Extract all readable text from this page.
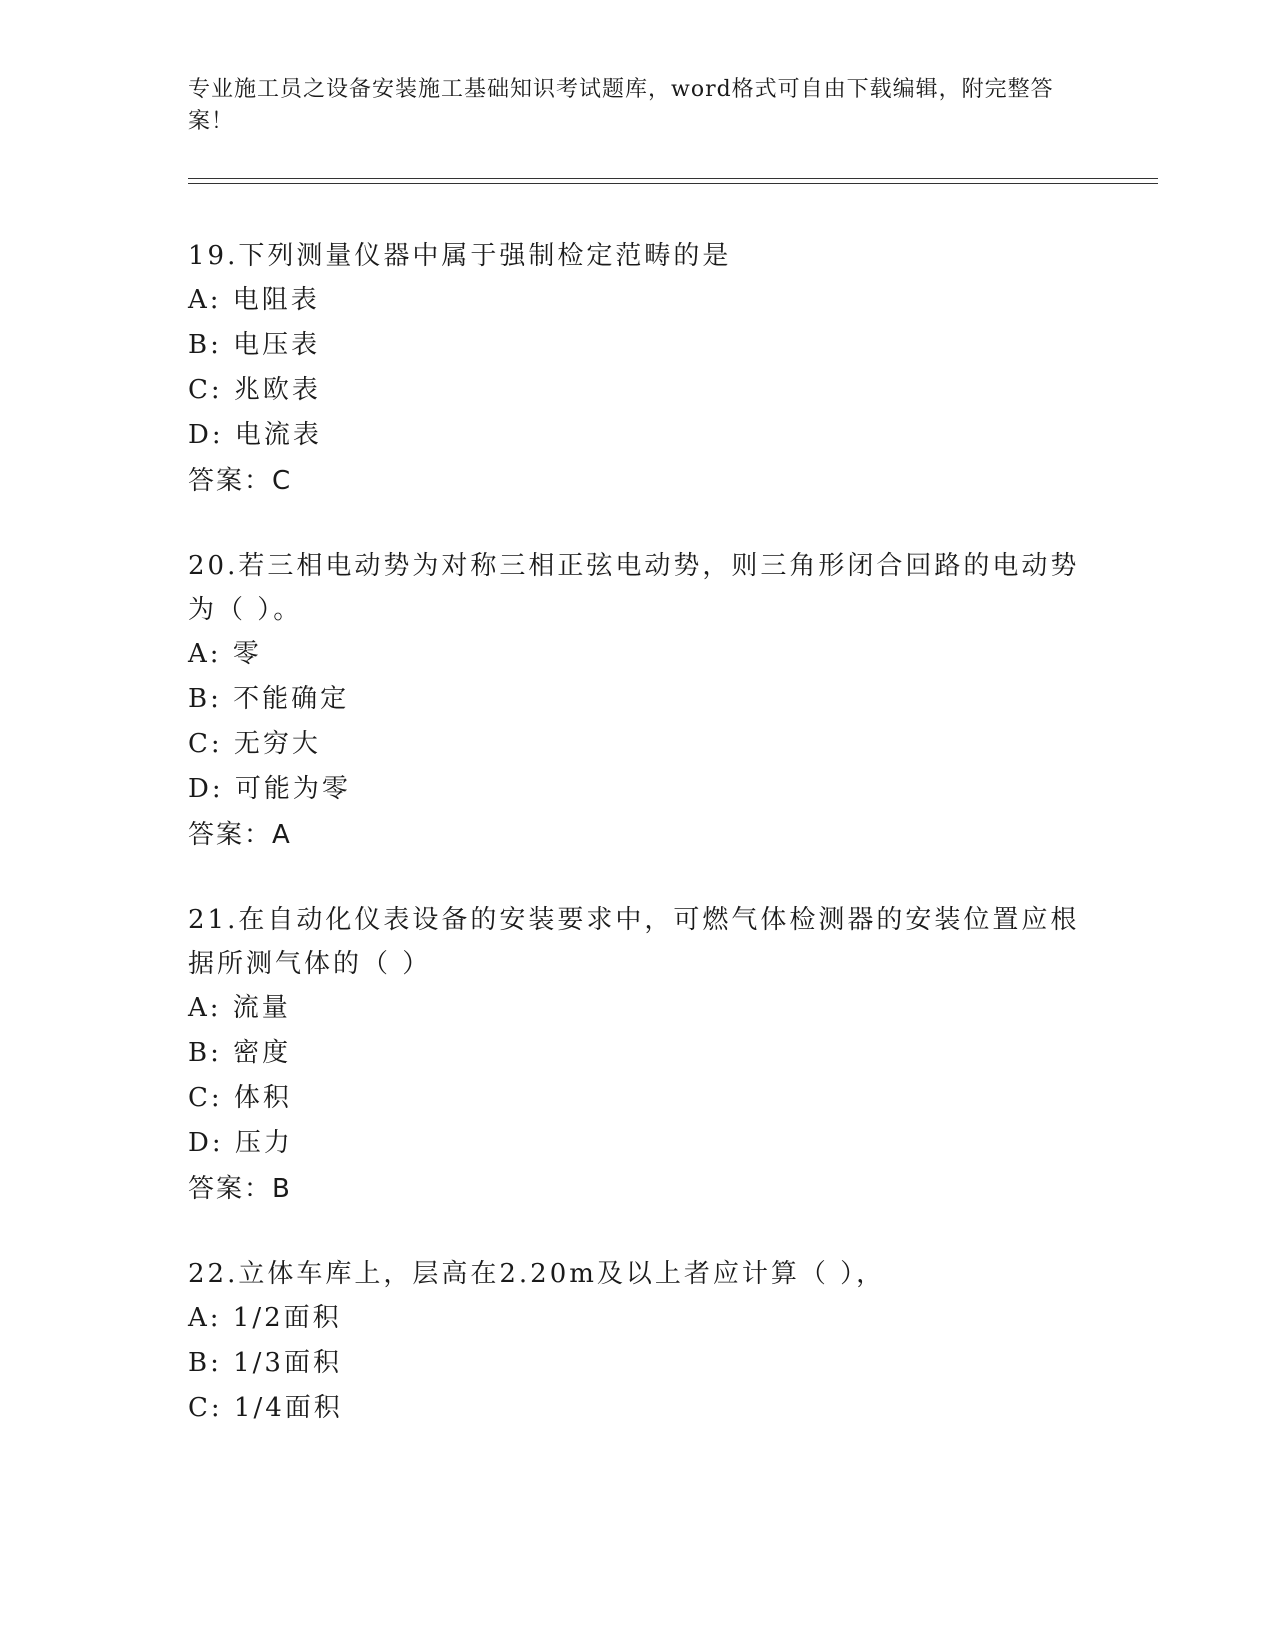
专业施工员之设备安装施工基础知识考试题库，word格式可自由下载编辑，附完整答案！
19.下列测量仪器中属于强制检定范畴的是
A: 电阻表
B: 电压表
C: 兆欧表
D: 电流表
答案：C
20.若三相电动势为对称三相正弦电动势，则三角形闭合回路的电动势为（ ）。
A: 零
B: 不能确定
C: 无穷大
D: 可能为零
答案：A
21.在自动化仪表设备的安装要求中，可燃气体检测器的安装位置应根据所测气体的（ ）
A: 流量
B: 密度
C: 体积
D: 压力
答案：B
22.立体车库上，层高在2.20m及以上者应计算（ ），
A: 1/2面积
B: 1/3面积
C: 1/4面积
